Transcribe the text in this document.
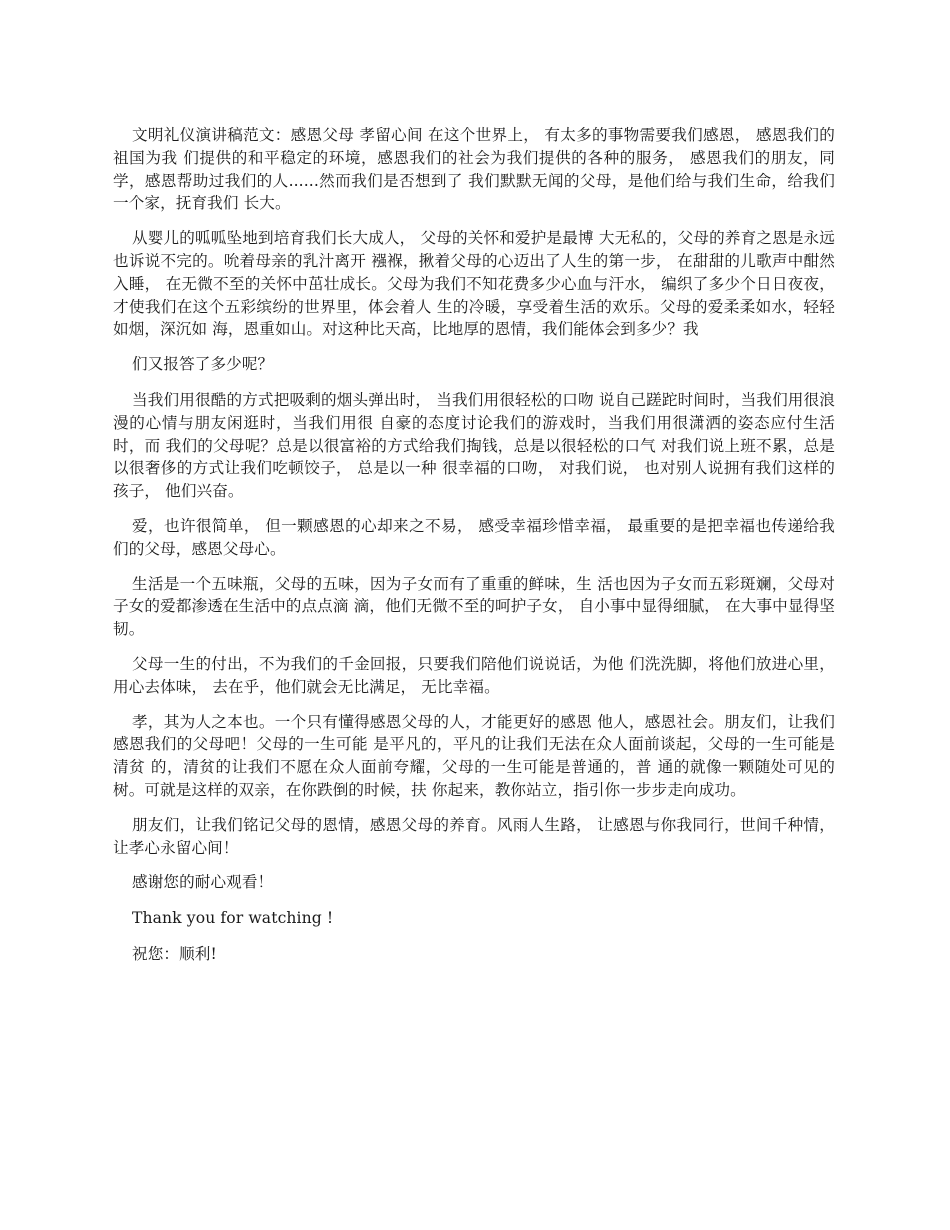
文明礼仪演讲稿范文：感恩父母 孝留心间 在这个世界上， 有太多的事物需要我们感恩， 感恩我们的祖国为我 们提供的和平稳定的环境，感恩我们的社会为我们提供的各种的服务， 感恩我们的朋友，同学，感恩帮助过我们的人......然而我们是否想到了 我们默默无闻的父母，是他们给与我们生命，给我们一个家，抚育我们 长大。

从婴儿的呱呱坠地到培育我们长大成人， 父母的关怀和爱护是最博 大无私的，父母的养育之恩是永远也诉说不完的。吮着母亲的乳汁离开 襁褓，揪着父母的心迈出了人生的第一步， 在甜甜的儿歌声中酣然入睡， 在无微不至的关怀中茁壮成长。父母为我们不知花费多少心血与汗水， 编织了多少个日日夜夜，才使我们在这个五彩缤纷的世界里，体会着人 生的冷暖，享受着生活的欢乐。父母的爱柔柔如水，轻轻如烟，深沉如 海，恩重如山。对这种比天高，比地厚的恩情，我们能体会到多少？我

们又报答了多少呢？

当我们用很酷的方式把吸剩的烟头弹出时， 当我们用很轻松的口吻 说自己蹉跎时间时，当我们用很浪漫的心情与朋友闲逛时，当我们用很 自豪的态度讨论我们的游戏时，当我们用很潇洒的姿态应付生活时，而 我们的父母呢？总是以很富裕的方式给我们掏钱，总是以很轻松的口气 对我们说上班不累，总是以很奢侈的方式让我们吃顿饺子， 总是以一种 很幸福的口吻， 对我们说， 也对别人说拥有我们这样的孩子， 他们兴奋。

爱，也许很简单， 但一颗感恩的心却来之不易， 感受幸福珍惜幸福， 最重要的是把幸福也传递给我们的父母，感恩父母心。

生活是一个五味瓶，父母的五味，因为子女而有了重重的鲜味，生 活也因为子女而五彩斑斓，父母对子女的爱都渗透在生活中的点点滴 滴，他们无微不至的呵护子女， 自小事中显得细腻， 在大事中显得坚韧。

父母一生的付出，不为我们的千金回报，只要我们陪他们说说话，为他 们洗洗脚，将他们放进心里， 用心去体味， 去在乎，他们就会无比满足， 无比幸福。

孝，其为人之本也。一个只有懂得感恩父母的人，才能更好的感恩 他人，感恩社会。朋友们，让我们感恩我们的父母吧！父母的一生可能 是平凡的，平凡的让我们无法在众人面前谈起，父母的一生可能是清贫 的，清贫的让我们不愿在众人面前夸耀，父母的一生可能是普通的，普 通的就像一颗随处可见的树。可就是这样的双亲，在你跌倒的时候，扶 你起来，教你站立，指引你一步步走向成功。

朋友们，让我们铭记父母的恩情，感恩父母的养育。风雨人生路， 让感恩与你我同行，世间千种情，让孝心永留心间！

感谢您的耐心观看！

Thank you for watching !

祝您：顺利!
